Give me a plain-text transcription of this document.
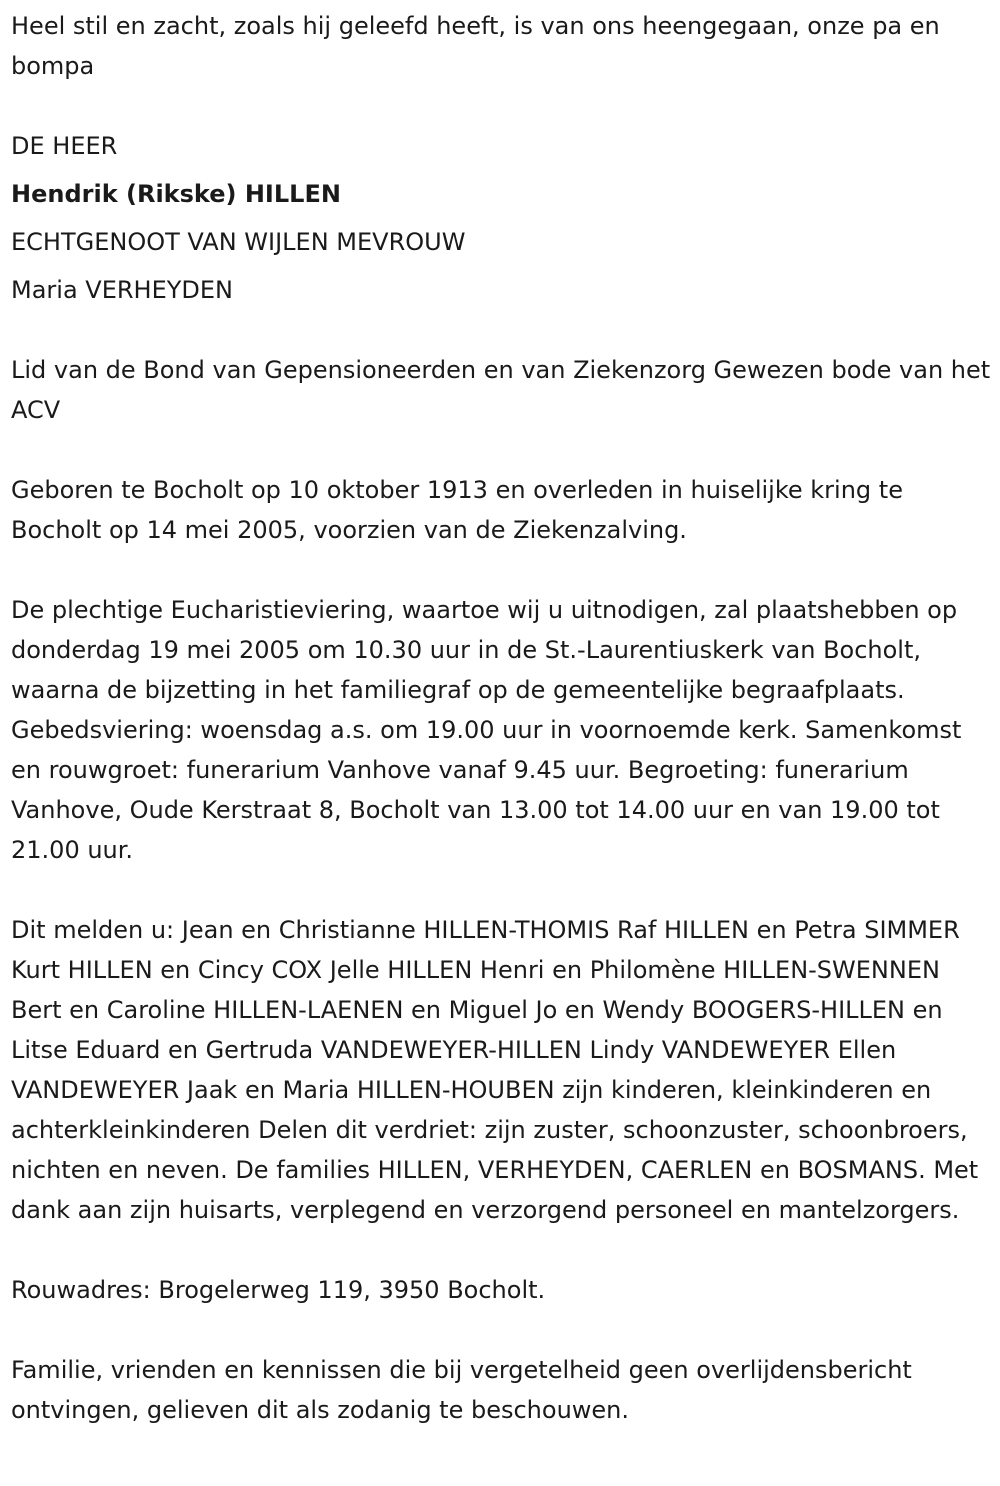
Heel stil en zacht, zoals hij geleefd heeft, is van ons heengegaan, onze pa en bompa

DE HEER

Hendrik (Rikske) HILLEN

ECHTGENOOT VAN WIJLEN MEVROUW

Maria VERHEYDEN

Lid van de Bond van Gepensioneerden en van Ziekenzorg Gewezen bode van het ACV

Geboren te Bocholt op 10 oktober 1913 en overleden in huiselijke kring te Bocholt op 14 mei 2005, voorzien van de Ziekenzalving.

De plechtige Eucharistieviering, waartoe wij u uitnodigen, zal plaatshebben op donderdag 19 mei 2005 om 10.30 uur in de St.-Laurentiuskerk van Bocholt, waarna de bijzetting in het familiegraf op de gemeentelijke begraafplaats. Gebedsviering: woensdag a.s. om 19.00 uur in voornoemde kerk. Samenkomst en rouwgroet: funerarium Vanhove vanaf 9.45 uur. Begroeting: funerarium Vanhove, Oude Kerstraat 8, Bocholt van 13.00 tot 14.00 uur en van 19.00 tot 21.00 uur.

Dit melden u: Jean en Christianne HILLEN-THOMIS Raf HILLEN en Petra SIMMER Kurt HILLEN en Cincy COX Jelle HILLEN Henri en Philomène HILLEN-SWENNEN Bert en Caroline HILLEN-LAENEN en Miguel Jo en Wendy BOOGERS-HILLEN en Litse Eduard en Gertruda VANDEWEYER-HILLEN Lindy VANDEWEYER Ellen VANDEWEYER Jaak en Maria HILLEN-HOUBEN zijn kinderen, kleinkinderen en achterkleinkinderen Delen dit verdriet: zijn zuster, schoonzuster, schoonbroers, nichten en neven. De families HILLEN, VERHEYDEN, CAERLEN en BOSMANS. Met dank aan zijn huisarts, verplegend en verzorgend personeel en mantelzorgers.

Rouwadres: Brogelerweg 119, 3950 Bocholt.

Familie, vrienden en kennissen die bij vergetelheid geen overlijdensbericht ontvingen, gelieven dit als zodanig te beschouwen.
